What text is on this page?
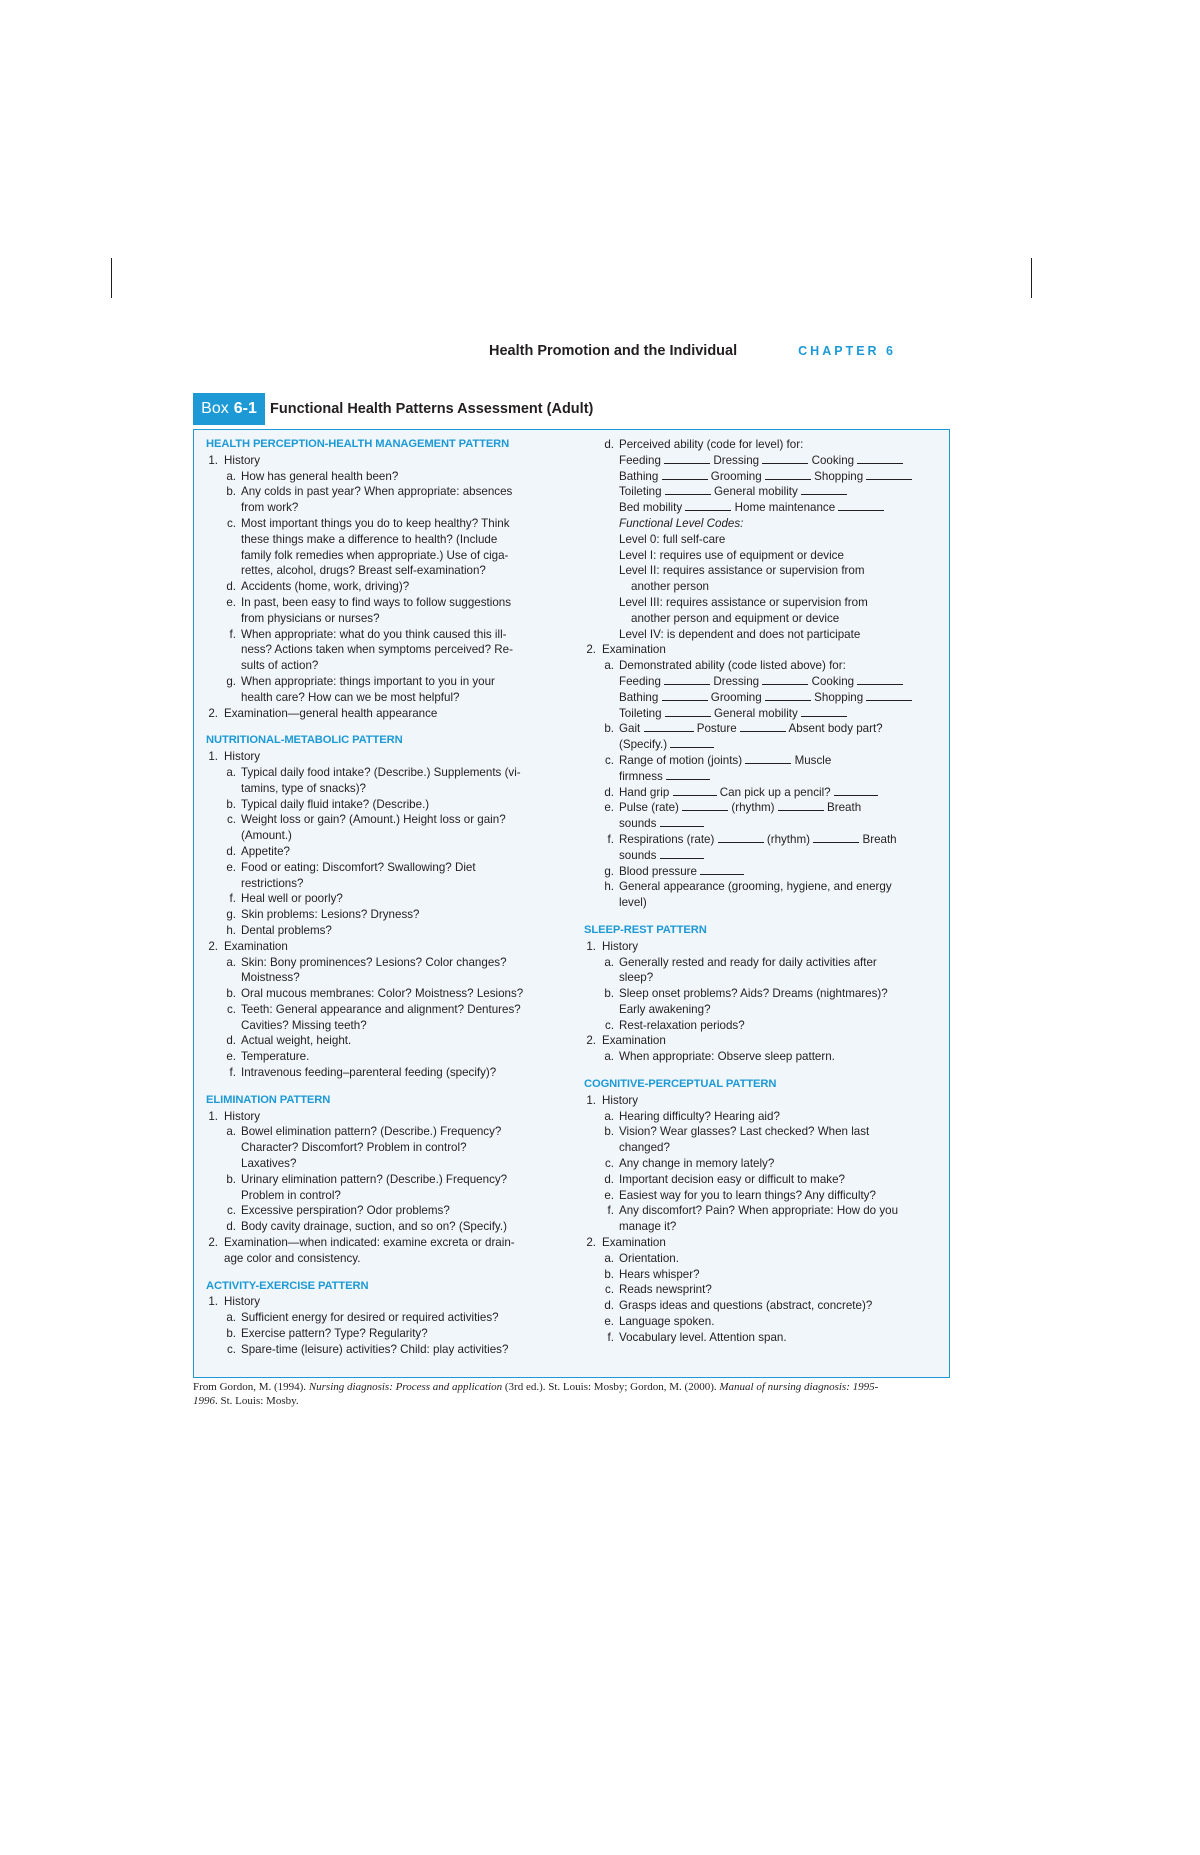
Health Promotion and the Individual	CHAPTER 6
Box 6-1 Functional Health Patterns Assessment (Adult)

HEALTH PERCEPTION-HEALTH MANAGEMENT PATTERN

1. History
a. How has general health been?
b. Any colds in past year? When appropriate: absences
from work?
c. Most important things you do to keep healthy? Think
these things make a difference to health? (Include
family folk remedies when appropriate.) Use of ciga-
rettes, alcohol, drugs? Breast self-examination?
d. Accidents (home, work, driving)?
e. In past, been easy to find ways to follow suggestions
from physicians or nurses?
f. When appropriate: what do you think caused this ill-
ness? Actions taken when symptoms perceived? Re-
sults of action?
g. When appropriate: things important to you in your
health care? How can we be most helpful?
2. Examination—general health appearance

NUTRITIONAL-METABOLIC PATTERN

1. History
a. Typical daily food intake? (Describe.) Supplements (vi-
tamins, type of snacks)?
b. Typical daily fluid intake? (Describe.)
c. Weight loss or gain? (Amount.) Height loss or gain?
(Amount.)
d. Appetite?
e. Food or eating: Discomfort? Swallowing? Diet
restrictions?
f. Heal well or poorly?
g. Skin problems: Lesions? Dryness?
h. Dental problems?
2. Examination
a. Skin: Bony prominences? Lesions? Color changes?
Moistness?
b. Oral mucous membranes: Color? Moistness? Lesions?
c. Teeth: General appearance and alignment? Dentures?
Cavities? Missing teeth?
d. Actual weight, height.
e. Temperature.
f. Intravenous feeding–parenteral feeding (specify)?

ELIMINATION PATTERN

1. History
a. Bowel elimination pattern? (Describe.) Frequency?
Character? Discomfort? Problem in control?
Laxatives?
b. Urinary elimination pattern? (Describe.) Frequency?
Problem in control?
c. Excessive perspiration? Odor problems?
d. Body cavity drainage, suction, and so on? (Specify.)
2. Examination—when indicated: examine excreta or drain-
age color and consistency.

ACTIVITY-EXERCISE PATTERN

1. History
a. Sufficient energy for desired or required activities?
b. Exercise pattern? Type? Regularity?
c. Spare-time (leisure) activities? Child: play activities?
d. Perceived ability (code for level) for:
Feeding	Dressing	Cooking
Bathing	Grooming	Shopping
Toileting	General mobility
Bed mobility	Home maintenance
Functional Level Codes:
Level 0: full self-care
Level I: requires use of equipment or device
Level II: requires assistance or supervision from
another person
Level III: requires assistance or supervision from
another person and equipment or device
Level IV: is dependent and does not participate
2. Examination
a. Demonstrated ability (code listed above) for:
Feeding	Dressing	Cooking
Bathing	Grooming	Shopping
Toileting	General mobility
b. Gait	Posture	Absent body part?
(Specify.)
c. Range of motion (joints)	Muscle
firmness
d. Hand grip	Can pick up a pencil?
e. Pulse (rate)	(rhythm)	Breath
sounds
f. Respirations (rate)	(rhythm)	Breath
sounds
g. Blood pressure
h. General appearance (grooming, hygiene, and energy
level)

SLEEP-REST PATTERN

1. History
a. Generally rested and ready for daily activities after
sleep?
b. Sleep onset problems? Aids? Dreams (nightmares)?
Early awakening?
c. Rest-relaxation periods?
2. Examination
a. When appropriate: Observe sleep pattern.

COGNITIVE-PERCEPTUAL PATTERN

1. History
a. Hearing difficulty? Hearing aid?
b. Vision? Wear glasses? Last checked? When last
changed?
c. Any change in memory lately?
d. Important decision easy or difficult to make?
e. Easiest way for you to learn things? Any difficulty?
f. Any discomfort? Pain? When appropriate: How do you
manage it?
2. Examination
a. Orientation.
b. Hears whisper?
c. Reads newsprint?
d. Grasps ideas and questions (abstract, concrete)?
e. Language spoken.
f. Vocabulary level. Attention span.
From Gordon, M. (1994). Nursing diagnosis: Process and application (3rd ed.). St. Louis: Mosby; Gordon, M. (2000). Manual of nursing diagnosis: 1995-
1996. St. Louis: Mosby.
